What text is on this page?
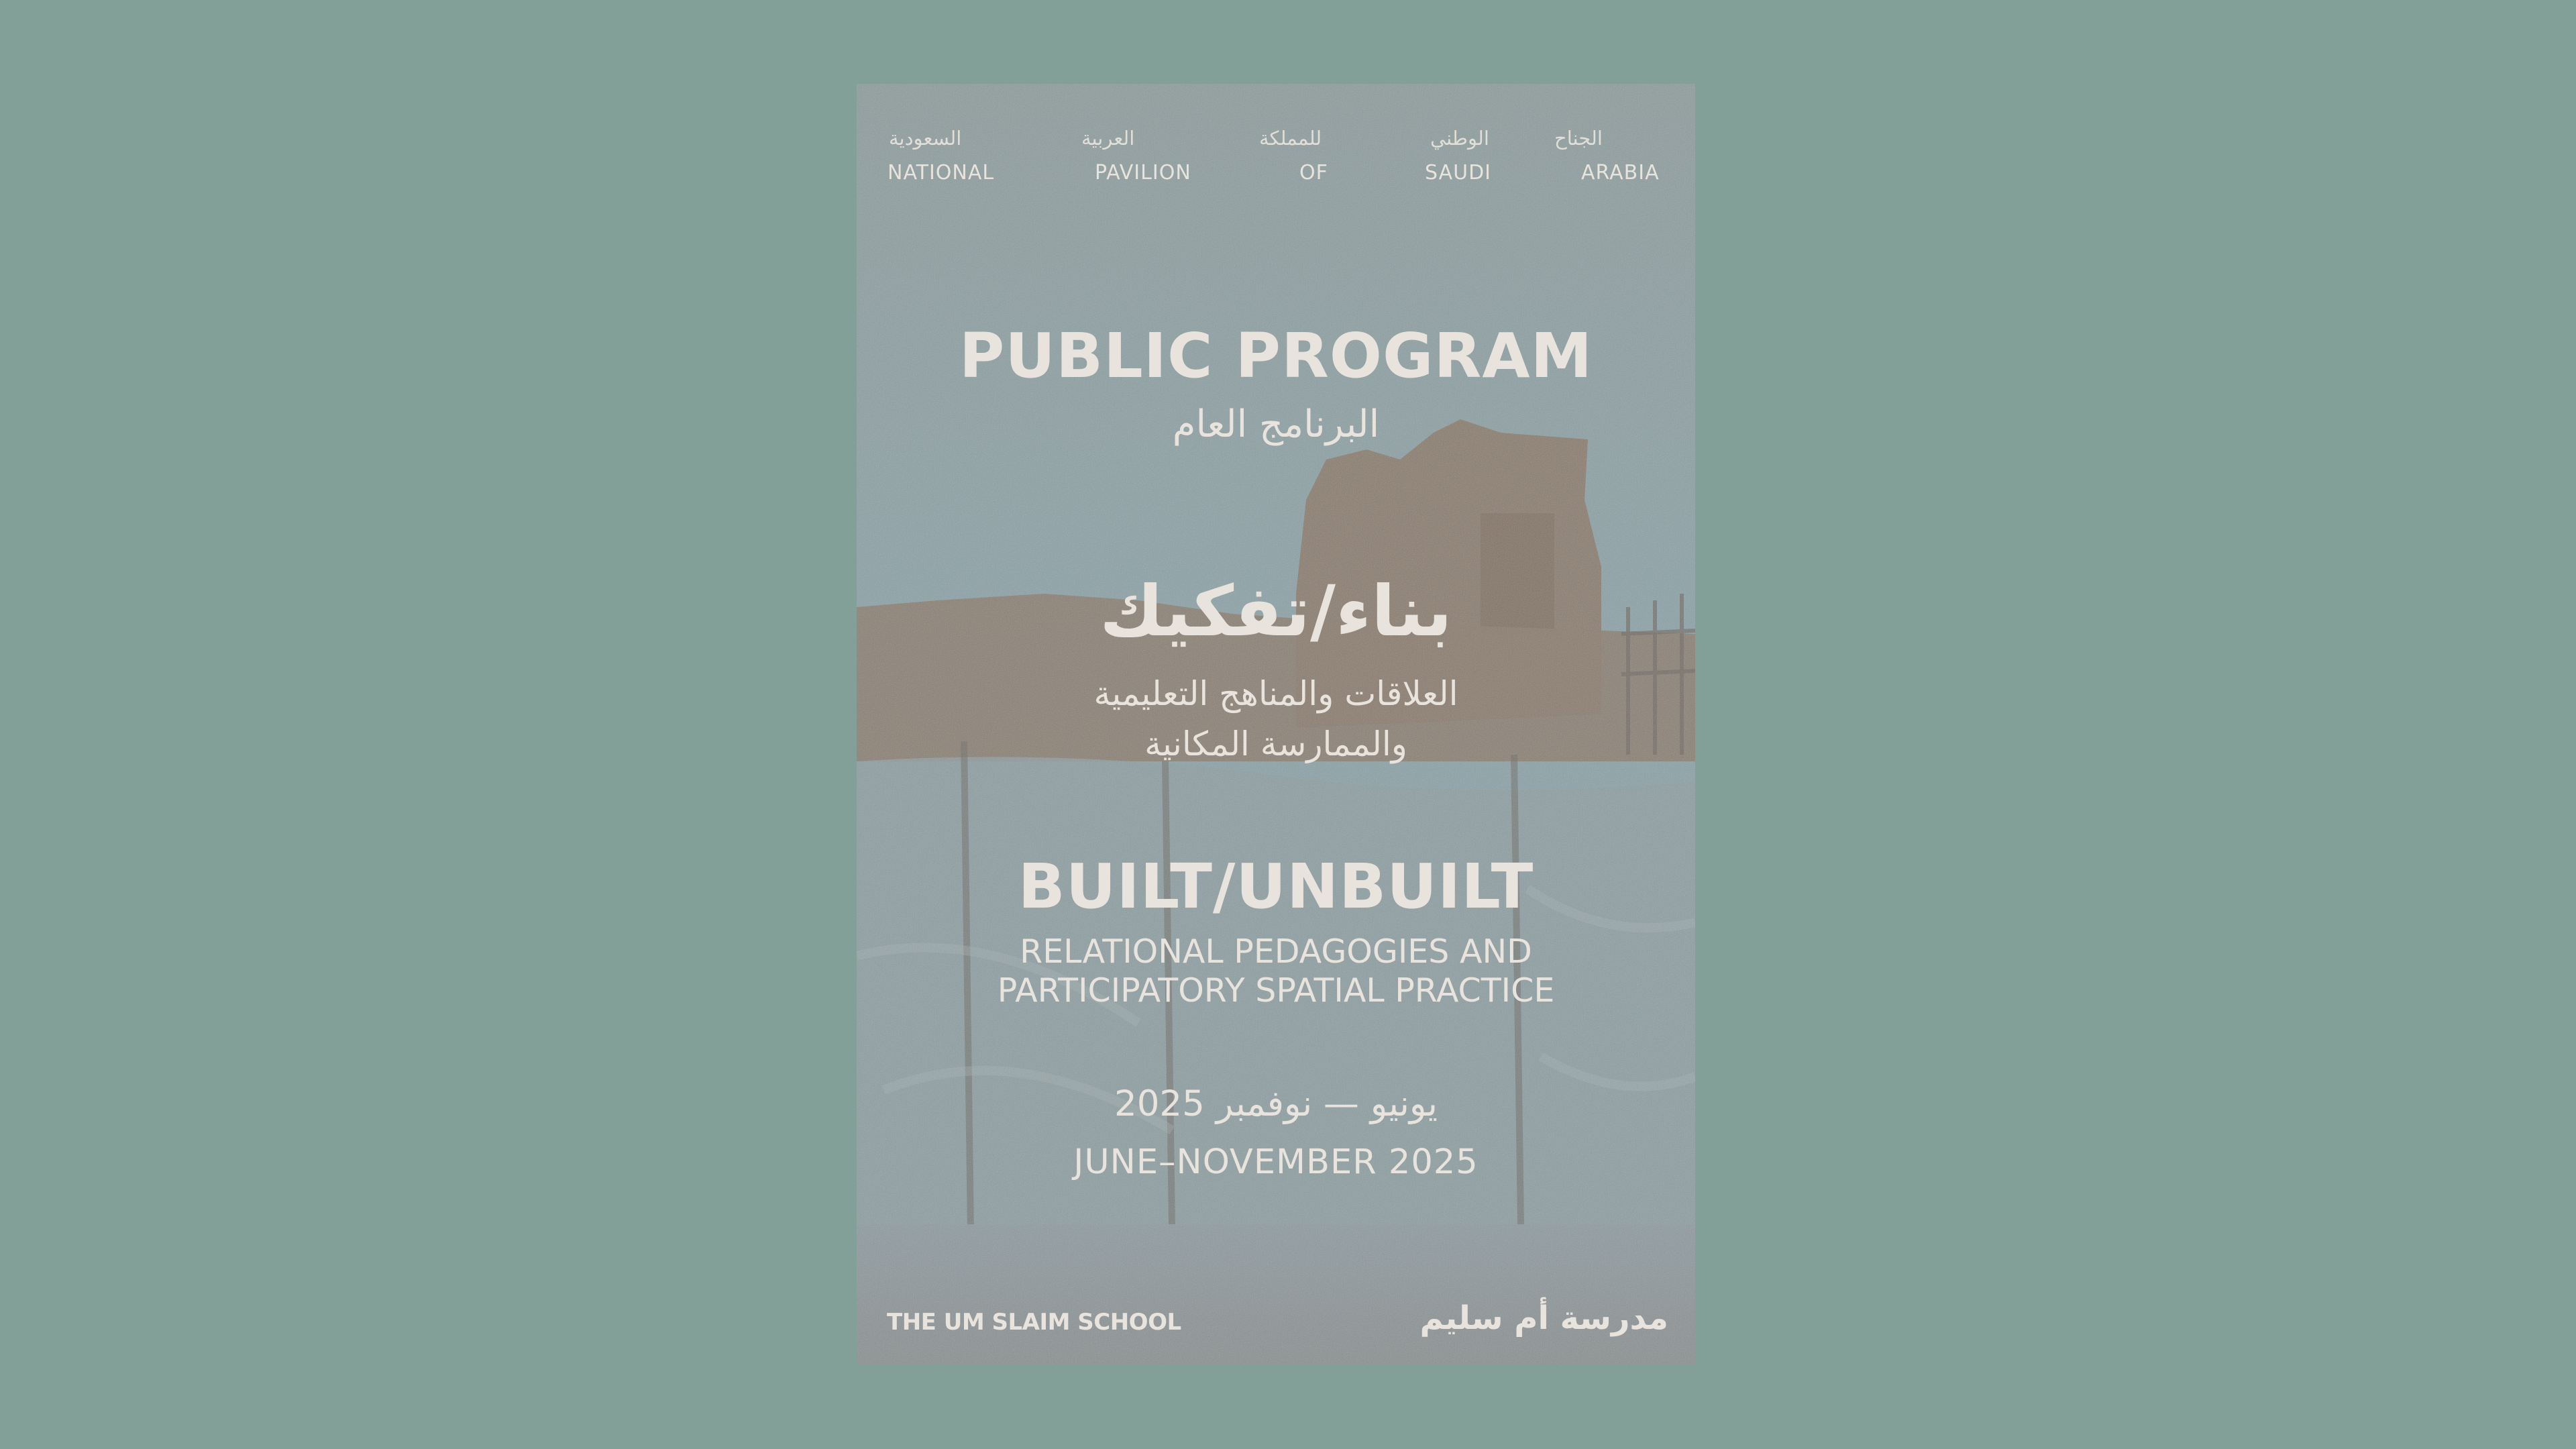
الجناح
الوطني
للمملكة
العربية
السعودية
NATIONAL	PAVILION	OF	SAUDI	ARABIA
PUBLIC PROGRAM
البرنامج العام
بناء/تفكيك
العلاقات والمناهج التعليمية
والممارسة المكانية
BUILT/UNBUILT
RELATIONAL PEDAGOGIES AND
PARTICIPATORY SPATIAL PRACTICE
يونيو — نوفمبر 2025
JUNE–NOVEMBER 2025
THE UM SLAIM SCHOOL	مدرسة أم سليم
